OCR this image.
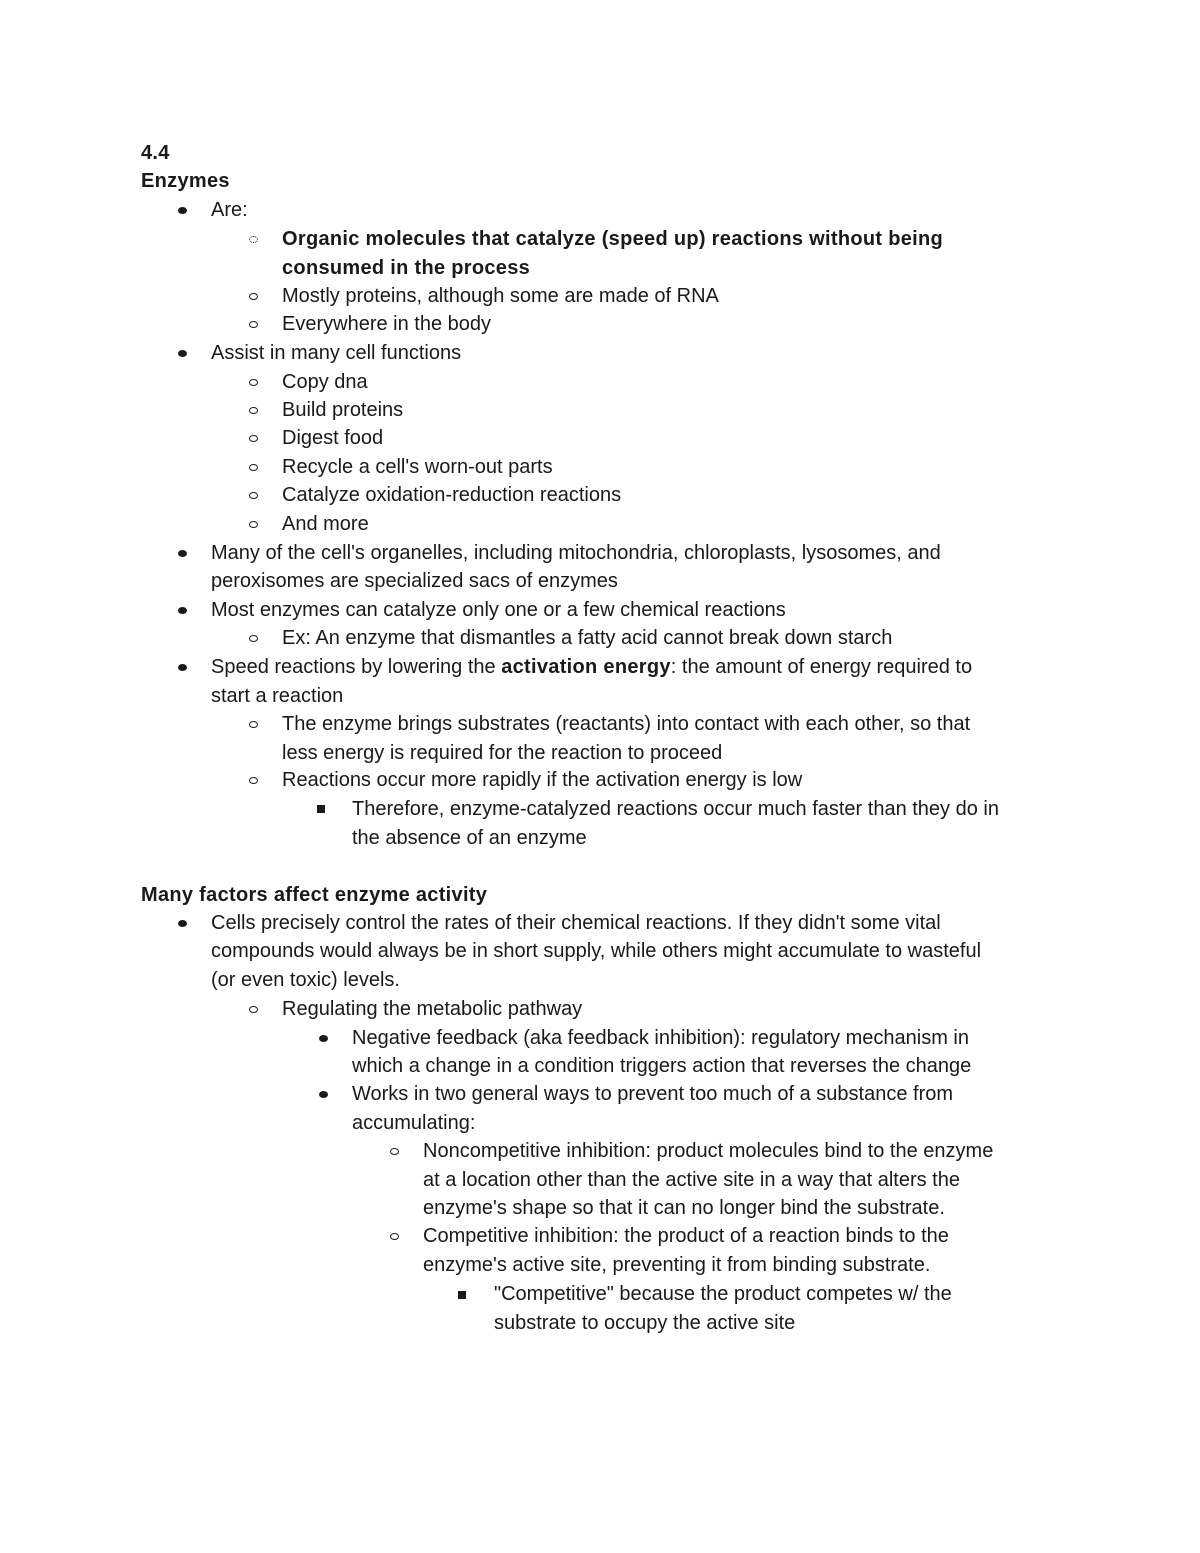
4.4
Enzymes
Are:
Organic molecules that catalyze (speed up) reactions without being
consumed in the process
Mostly proteins, although some are made of RNA
Everywhere in the body
Assist in many cell functions
Copy dna
Build proteins
Digest food
Recycle a cell's worn-out parts
Catalyze oxidation-reduction reactions
And more
Many of the cell's organelles, including mitochondria, chloroplasts, lysosomes, and
peroxisomes are specialized sacs of enzymes
Most enzymes can catalyze only one or a few chemical reactions
Ex: An enzyme that dismantles a fatty acid cannot break down starch
Speed reactions by lowering the activation energy: the amount of energy required to
start a reaction
The enzyme brings substrates (reactants) into contact with each other, so that
less energy is required for the reaction to proceed
Reactions occur more rapidly if the activation energy is low
Therefore, enzyme-catalyzed reactions occur much faster than they do in
the absence of an enzyme
Many factors affect enzyme activity
Cells precisely control the rates of their chemical reactions. If they didn't some vital
compounds would always be in short supply, while others might accumulate to wasteful
(or even toxic) levels.
Regulating the metabolic pathway
Negative feedback (aka feedback inhibition): regulatory mechanism in
which a change in a condition triggers action that reverses the change
Works in two general ways to prevent too much of a substance from
accumulating:
Noncompetitive inhibition: product molecules bind to the enzyme
at a location other than the active site in a way that alters the
enzyme's shape so that it can no longer bind the substrate.
Competitive inhibition: the product of a reaction binds to the
enzyme's active site, preventing it from binding substrate.
"Competitive" because the product competes w/ the
substrate to occupy the active site
